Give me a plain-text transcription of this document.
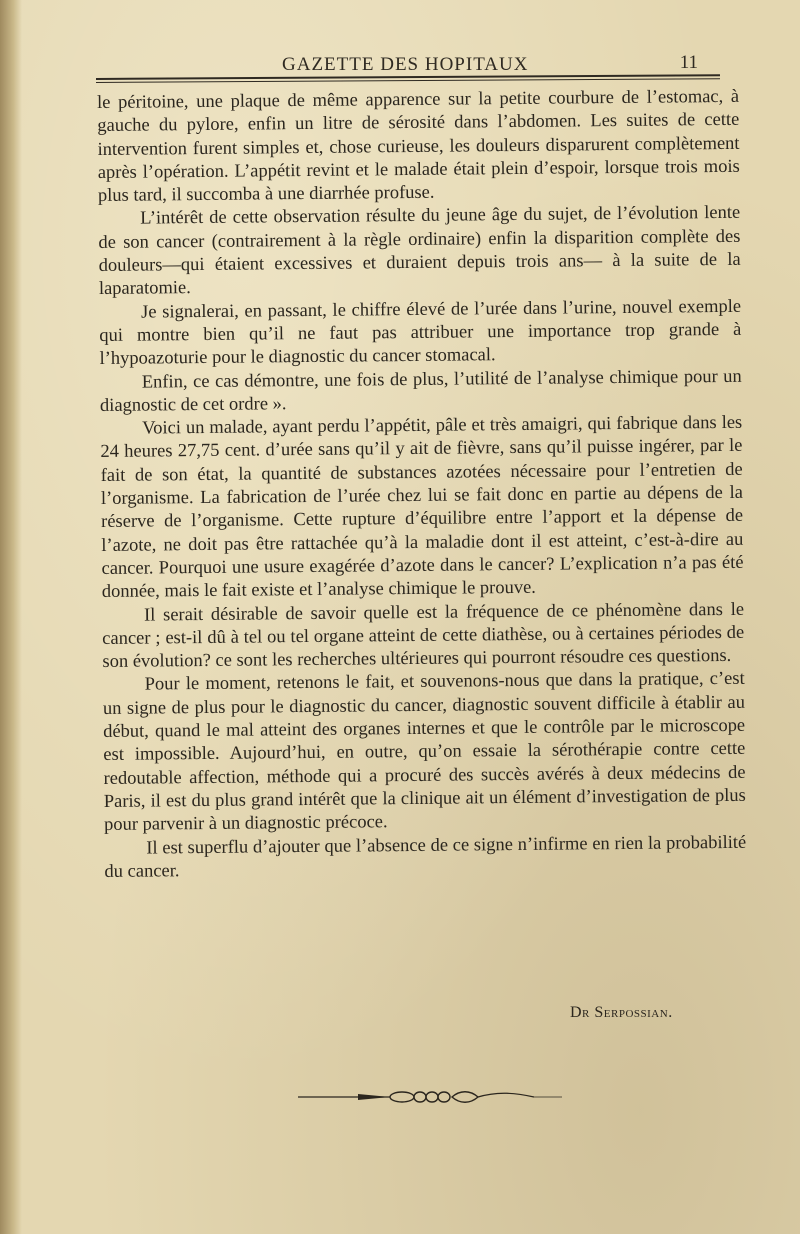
GAZETTE DES HOPITAUX	11

le péritoine, une plaque de même apparence sur la petite courbure de l’estomac, à gauche du pylore, enfin un litre de sérosité dans l’abdomen. Les suites de cette intervention furent simples et, chose curieuse, les douleurs disparurent complètement après l’opération. L’appétit revint et le malade était plein d’espoir, lorsque trois mois plus tard, il succomba à une diarrhée profuse.

L’intérêt de cette observation résulte du jeune âge du sujet, de l’évolution lente de son cancer (contrairement à la règle ordinaire) enfin la disparition complète des douleurs—qui étaient excessives et duraient depuis trois ans— à la suite de la laparatomie.

Je signalerai, en passant, le chiffre élevé de l’urée dans l’urine, nouvel exemple qui montre bien qu’il ne faut pas attribuer une importance trop grande à l’hypoazoturie pour le diagnostic du cancer stomacal.

Enfin, ce cas démontre, une fois de plus, l’utilité de l’analyse chimique pour un diagnostic de cet ordre ».

Voici un malade, ayant perdu l’appétit, pâle et très amaigri, qui fabrique dans les 24 heures 27,75 cent. d’urée sans qu’il y ait de fièvre, sans qu’il puisse ingérer, par le fait de son état, la quantité de substances azotées nécessaire pour l’entretien de l’organisme. La fabrication de l’urée chez lui se fait donc en partie au dépens de la réserve de l’organisme. Cette rupture d’équilibre entre l’apport et la dépense de l’azote, ne doit pas être rattachée qu’à la maladie dont il est atteint, c’est-à-dire au cancer. Pourquoi une usure exagérée d’azote dans le cancer? L’explication n’a pas été donnée, mais le fait existe et l’analyse chimique le prouve.

Il serait désirable de savoir quelle est la fréquence de ce phénomène dans le cancer ; est-il dû à tel ou tel organe atteint de cette diathèse, ou à certaines périodes de son évolution? ce sont les recherches ultérieures qui pourront résoudre ces questions.

Pour le moment, retenons le fait, et souvenons-nous que dans la pratique, c’est un signe de plus pour le diagnostic du cancer, diagnostic souvent difficile à établir au début, quand le mal atteint des organes internes et que le contrôle par le microscope est impossible. Aujourd’hui, en outre, qu’on essaie la sérothérapie contre cette redoutable affection, méthode qui a procuré des succès avérés à deux médecins de Paris, il est du plus grand intérêt que la clinique ait un élément d’investigation de plus pour parvenir à un diagnostic précoce.

Il est superflu d’ajouter que l’absence de ce signe n’infirme en rien la probabilité du cancer.

Dr Serpossian.
